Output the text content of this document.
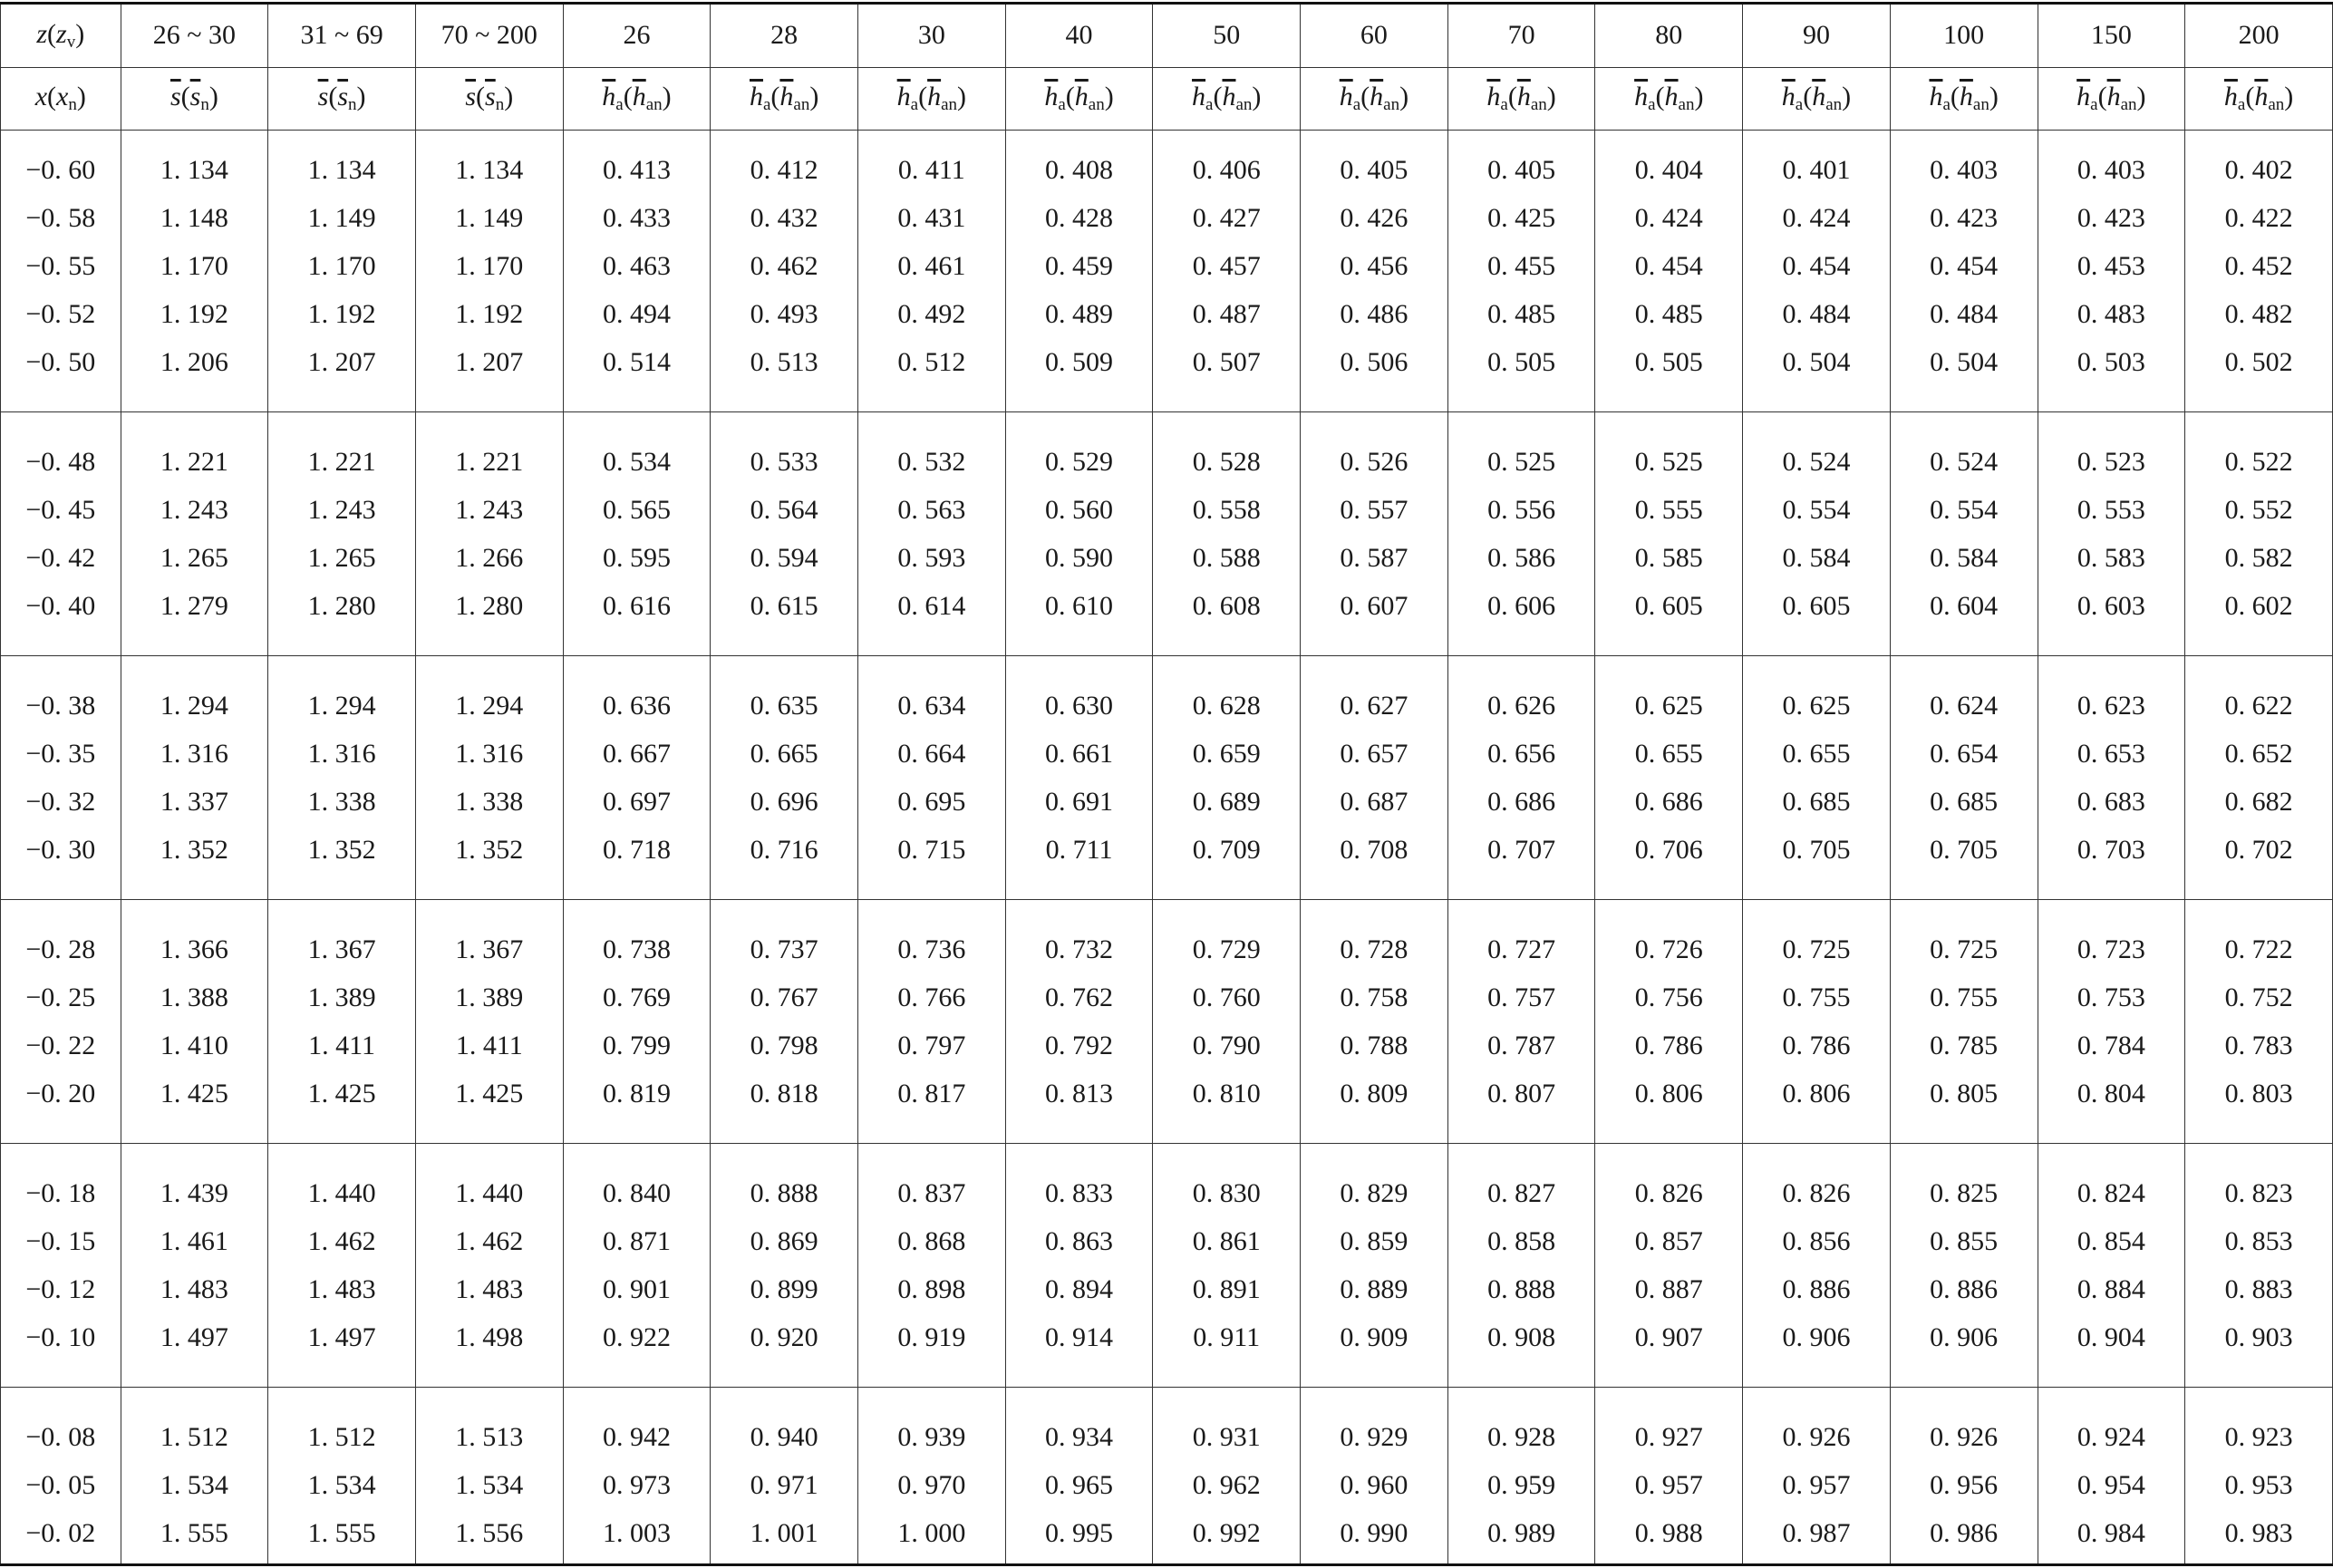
$z(z_v)$	26 ~ 30	31 ~ 69	70 ~ 200	26	28	30	40	50	60	70	80	90	100	150	200
$x(x_n)$	$\overline{s}(\overline{s}_n)$	$\overline{s}(\overline{s}_n)$	$\overline{s}(\overline{s}_n)$	$\overline{h}_a(\overline{h}_{an})$	$\overline{h}_a(\overline{h}_{an})$	$\overline{h}_a(\overline{h}_{an})$	$\overline{h}_a(\overline{h}_{an})$	$\overline{h}_a(\overline{h}_{an})$	$\overline{h}_a(\overline{h}_{an})$	$\overline{h}_a(\overline{h}_{an})$	$\overline{h}_a(\overline{h}_{an})$	$\overline{h}_a(\overline{h}_{an})$	$\overline{h}_a(\overline{h}_{an})$	$\overline{h}_a(\overline{h}_{an})$	$\overline{h}_a(\overline{h}_{an})$

−0. 60	1. 134	1. 134	1. 134	0. 413	0. 412	0. 411	0. 408	0. 406	0. 405	0. 405	0. 404	0. 401	0. 403	0. 403	0. 402
−0. 58	1. 148	1. 149	1. 149	0. 433	0. 432	0. 431	0. 428	0. 427	0. 426	0. 425	0. 424	0. 424	0. 423	0. 423	0. 422
−0. 55	1. 170	1. 170	1. 170	0. 463	0. 462	0. 461	0. 459	0. 457	0. 456	0. 455	0. 454	0. 454	0. 454	0. 453	0. 452
−0. 52	1. 192	1. 192	1. 192	0. 494	0. 493	0. 492	0. 489	0. 487	0. 486	0. 485	0. 485	0. 484	0. 484	0. 483	0. 482
−0. 50	1. 206	1. 207	1. 207	0. 514	0. 513	0. 512	0. 509	0. 507	0. 506	0. 505	0. 505	0. 504	0. 504	0. 503	0. 502

−0. 48	1. 221	1. 221	1. 221	0. 534	0. 533	0. 532	0. 529	0. 528	0. 526	0. 525	0. 525	0. 524	0. 524	0. 523	0. 522
−0. 45	1. 243	1. 243	1. 243	0. 565	0. 564	0. 563	0. 560	0. 558	0. 557	0. 556	0. 555	0. 554	0. 554	0. 553	0. 552
−0. 42	1. 265	1. 265	1. 266	0. 595	0. 594	0. 593	0. 590	0. 588	0. 587	0. 586	0. 585	0. 584	0. 584	0. 583	0. 582
−0. 40	1. 279	1. 280	1. 280	0. 616	0. 615	0. 614	0. 610	0. 608	0. 607	0. 606	0. 605	0. 605	0. 604	0. 603	0. 602

−0. 38	1. 294	1. 294	1. 294	0. 636	0. 635	0. 634	0. 630	0. 628	0. 627	0. 626	0. 625	0. 625	0. 624	0. 623	0. 622
−0. 35	1. 316	1. 316	1. 316	0. 667	0. 665	0. 664	0. 661	0. 659	0. 657	0. 656	0. 655	0. 655	0. 654	0. 653	0. 652
−0. 32	1. 337	1. 338	1. 338	0. 697	0. 696	0. 695	0. 691	0. 689	0. 687	0. 686	0. 686	0. 685	0. 685	0. 683	0. 682
−0. 30	1. 352	1. 352	1. 352	0. 718	0. 716	0. 715	0. 711	0. 709	0. 708	0. 707	0. 706	0. 705	0. 705	0. 703	0. 702

−0. 28	1. 366	1. 367	1. 367	0. 738	0. 737	0. 736	0. 732	0. 729	0. 728	0. 727	0. 726	0. 725	0. 725	0. 723	0. 722
−0. 25	1. 388	1. 389	1. 389	0. 769	0. 767	0. 766	0. 762	0. 760	0. 758	0. 757	0. 756	0. 755	0. 755	0. 753	0. 752
−0. 22	1. 410	1. 411	1. 411	0. 799	0. 798	0. 797	0. 792	0. 790	0. 788	0. 787	0. 786	0. 786	0. 785	0. 784	0. 783
−0. 20	1. 425	1. 425	1. 425	0. 819	0. 818	0. 817	0. 813	0. 810	0. 809	0. 807	0. 806	0. 806	0. 805	0. 804	0. 803

−0. 18	1. 439	1. 440	1. 440	0. 840	0. 888	0. 837	0. 833	0. 830	0. 829	0. 827	0. 826	0. 826	0. 825	0. 824	0. 823
−0. 15	1. 461	1. 462	1. 462	0. 871	0. 869	0. 868	0. 863	0. 861	0. 859	0. 858	0. 857	0. 856	0. 855	0. 854	0. 853
−0. 12	1. 483	1. 483	1. 483	0. 901	0. 899	0. 898	0. 894	0. 891	0. 889	0. 888	0. 887	0. 886	0. 886	0. 884	0. 883
−0. 10	1. 497	1. 497	1. 498	0. 922	0. 920	0. 919	0. 914	0. 911	0. 909	0. 908	0. 907	0. 906	0. 906	0. 904	0. 903

−0. 08	1. 512	1. 512	1. 513	0. 942	0. 940	0. 939	0. 934	0. 931	0. 929	0. 928	0. 927	0. 926	0. 926	0. 924	0. 923
−0. 05	1. 534	1. 534	1. 534	0. 973	0. 971	0. 970	0. 965	0. 962	0. 960	0. 959	0. 957	0. 957	0. 956	0. 954	0. 953
−0. 02	1. 555	1. 555	1. 556	1. 003	1. 001	1. 000	0. 995	0. 992	0. 990	0. 989	0. 988	0. 987	0. 986	0. 984	0. 983
